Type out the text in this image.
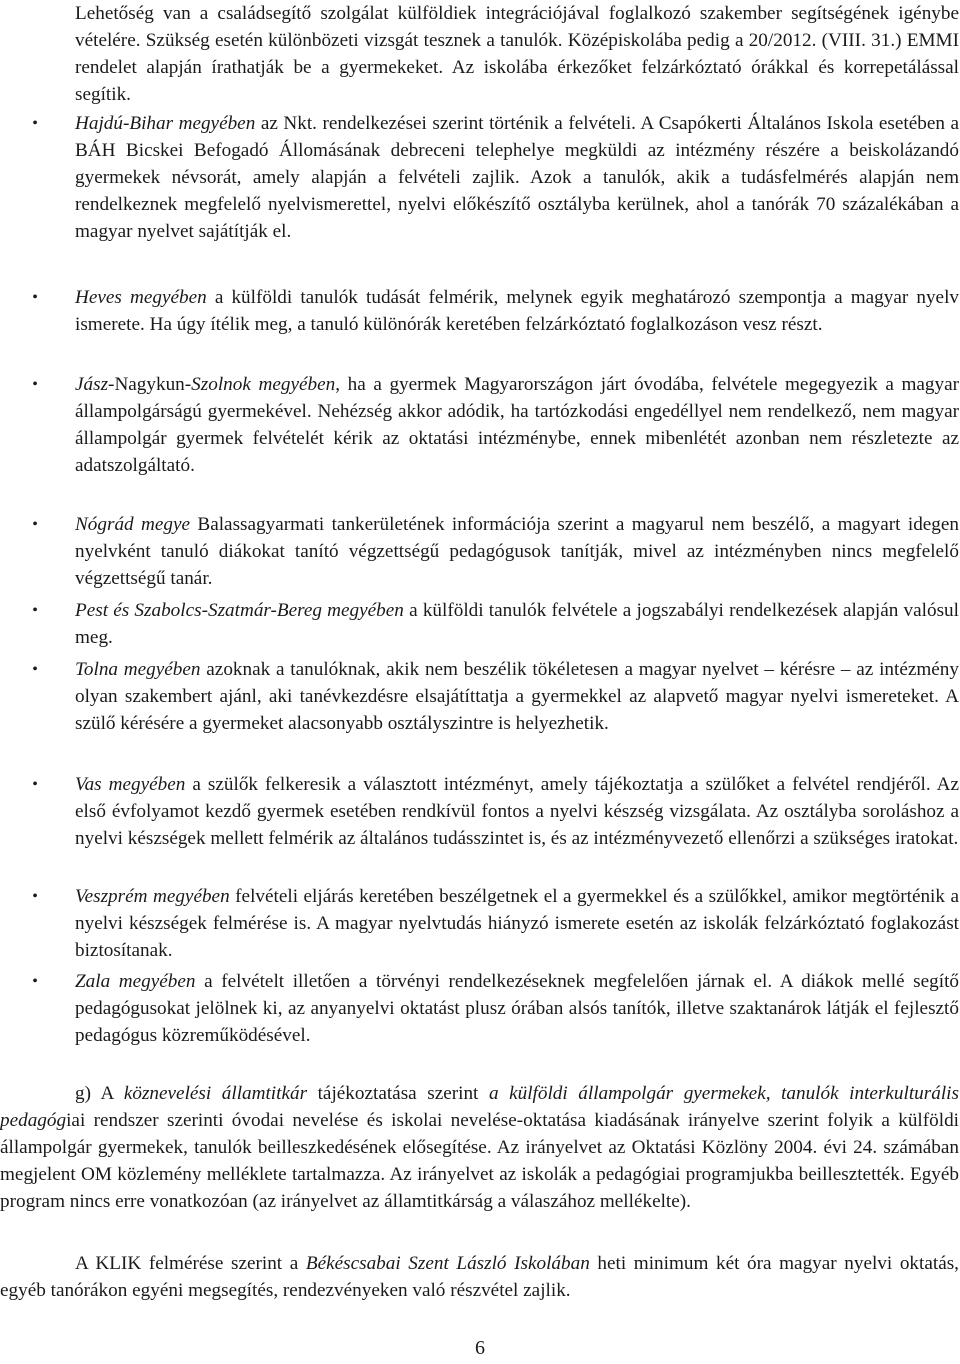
Lehetőség van a családsegítő szolgálat külföldiek integrációjával foglalkozó szakember segítségének igénybe vételére. Szükség esetén különbözeti vizsgát tesznek a tanulók. Középiskolába pedig a 20/2012. (VIII. 31.) EMMI rendelet alapján írathatják be a gyermekeket. Az iskolába érkezőket felzárkóztató órákkal és korrepetálással segítik.

•	Hajdú-Bihar megyében az Nkt. rendelkezései szerint történik a felvételi. A Csapókerti Általános Iskola esetében a BÁH Bicskei Befogadó Állomásának debreceni telephelye megküldi az intézmény részére a beiskolázandó gyermekek névsorát, amely alapján a felvételi zajlik. Azok a tanulók, akik a tudásfelmérés alapján nem rendelkeznek megfelelő nyelvismerettel, nyelvi előkészítő osztályba kerülnek, ahol a tanórák 70 százalékában a magyar nyelvet sajátítják el.

•	Heves megyében a külföldi tanulók tudását felmérik, melynek egyik meghatározó szempontja a magyar nyelv ismerete. Ha úgy ítélik meg, a tanuló különórák keretében felzárkóztató foglalkozáson vesz részt.

•	Jász-Nagykun-Szolnok megyében, ha a gyermek Magyarországon járt óvodába, felvétele megegyezik a magyar állampolgárságú gyermekével. Nehézség akkor adódik, ha tartózkodási engedéllyel nem rendelkező, nem magyar állampolgár gyermek felvételét kérik az oktatási intézménybe, ennek mibenlétét azonban nem részletezte az adatszolgáltató.

•	Nógrád megye Balassagyarmati tankerületének információja szerint a magyarul nem beszélő, a magyart idegen nyelvként tanuló diákokat tanító végzettségű pedagógusok tanítják, mivel az intézményben nincs megfelelő végzettségű tanár.

•	Pest és Szabolcs-Szatmár-Bereg megyében a külföldi tanulók felvétele a jogszabályi rendelkezések alapján valósul meg.

•	Tolna megyében azoknak a tanulóknak, akik nem beszélik tökéletesen a magyar nyelvet – kérésre – az intézmény olyan szakembert ajánl, aki tanévkezdésre elsajátíttatja a gyermekkel az alapvető magyar nyelvi ismereteket. A szülő kérésére a gyermeket alacsonyabb osztályszintre is helyezhetik.

•	Vas megyében a szülők felkeresik a választott intézményt, amely tájékoztatja a szülőket a felvétel rendjéről. Az első évfolyamot kezdő gyermek esetében rendkívül fontos a nyelvi készség vizsgálata. Az osztályba soroláshoz a nyelvi készségek mellett felmérik az általános tudásszintet is, és az intézményvezető ellenőrzi a szükséges iratokat.

•	Veszprém megyében felvételi eljárás keretében beszélgetnek el a gyermekkel és a szülőkkel, amikor megtörténik a nyelvi készségek felmérése is. A magyar nyelvtudás hiányzó ismerete esetén az iskolák felzárkóztató foglakozást biztosítanak.

•	Zala megyében a felvételt illetően a törvényi rendelkezéseknek megfelelően járnak el. A diákok mellé segítő pedagógusokat jelölnek ki, az anyanyelvi oktatást plusz órában alsós tanítók, illetve szaktanárok látják el fejlesztő pedagógus közreműködésével.

g) A köznevelési államtitkár tájékoztatása szerint a külföldi állampolgár gyermekek, tanulók interkulturális pedagógiai rendszer szerinti óvodai nevelése és iskolai nevelése-oktatása kiadásának irányelve szerint folyik a külföldi állampolgár gyermekek, tanulók beilleszkedésének elősegítése. Az irányelvet az Oktatási Közlöny 2004. évi 24. számában megjelent OM közlemény melléklete tartalmazza. Az irányelvet az iskolák a pedagógiai programjukba beillesztették. Egyéb program nincs erre vonatkozóan (az irányelvet az államtitkárság a válaszához mellékelte).

A KLIK felmérése szerint a Békéscsabai Szent László Iskolában heti minimum két óra magyar nyelvi oktatás, egyéb tanórákon egyéni megsegítés, rendezvényeken való részvétel zajlik.

6
